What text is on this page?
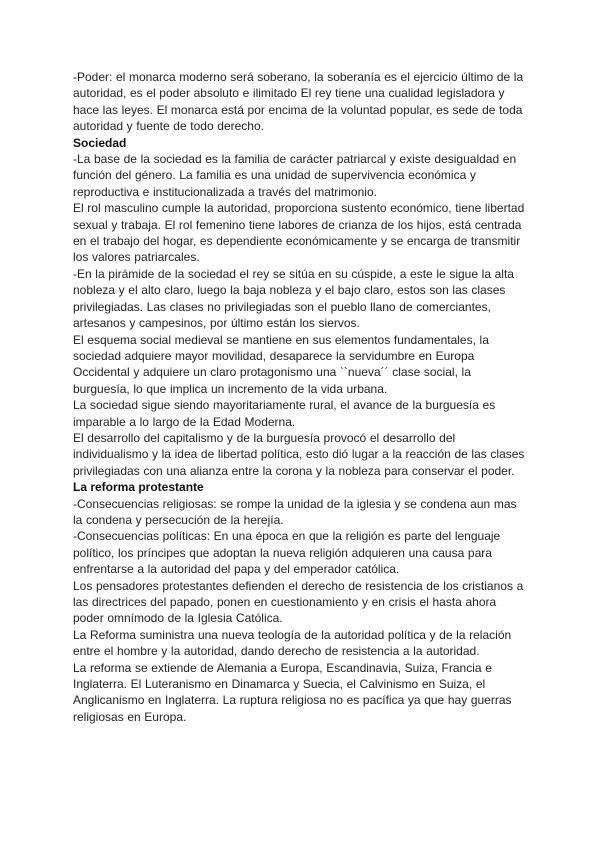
-Poder: el monarca moderno será soberano, la soberanía es el ejercicio último de la autoridad, es el poder absoluto e ilimitado El rey tiene una cualidad legisladora y hace las leyes. El monarca está por encima de la voluntad popular, es sede de toda autoridad y fuente de todo derecho.

Sociedad

-La base de la sociedad es la familia de carácter patriarcal y existe desigualdad en función del género. La familia es una unidad de supervivencia económica y reproductiva e institucionalizada a través del matrimonio.

El rol masculino cumple la autoridad, proporciona sustento económico, tiene libertad sexual y trabaja. El rol femenino tiene labores de crianza de los hijos, está centrada en el trabajo del hogar, es dependiente económicamente y se encarga de transmitir los valores patriarcales.

-En la pirámide de la sociedad el rey se sitúa en su cúspide, a este le sigue la alta nobleza y el alto claro, luego la baja nobleza y el bajo claro, estos son las clases privilegiadas. Las clases no privilegiadas son el pueblo llano de comerciantes, artesanos y campesinos, por último están los siervos.

El esquema social medieval se mantiene en sus elementos fundamentales, la sociedad adquiere mayor movilidad, desaparece la servidumbre en Europa Occidental y adquiere un claro protagonismo una ``nueva´´ clase social, la burguesía, lo que implica un incremento de la vida urbana.

La sociedad sigue siendo mayoritariamente rural, el avance de la burguesía es imparable a lo largo de la Edad Moderna.

El desarrollo del capitalismo y de la burguesía provocó el desarrollo del individualismo y la idea de libertad política, esto dió lugar a la reacción de las clases privilegiadas con una alianza entre la corona y la nobleza para conservar el poder.

La reforma protestante

-Consecuencias religiosas: se rompe la unidad de la iglesia y se condena aun mas la condena y persecución de la herejía.

-Consecuencias políticas: En una época en que la religión es parte del lenguaje político, los príncipes que adoptan la nueva religión adquieren una causa para enfrentarse a la autoridad del papa y del emperador católica.

Los pensadores protestantes defienden el derecho de resistencia de los cristianos a las directrices del papado, ponen en cuestionamiento y en crisis el hasta ahora poder omnímodo de la Iglesia Católica.

La Reforma suministra una nueva teología de la autoridad política y de la relación entre el hombre y la autoridad, dando derecho de resistencia a la autoridad.

La reforma se extiende de Alemania a Europa, Escandinavia, Suiza, Francia e Inglaterra. El Luteranismo en Dinamarca y Suecia, el Calvinismo en Suiza, el Anglicanismo en Inglaterra. La ruptura religiosa no es pacífica ya que hay guerras religiosas en Europa.
